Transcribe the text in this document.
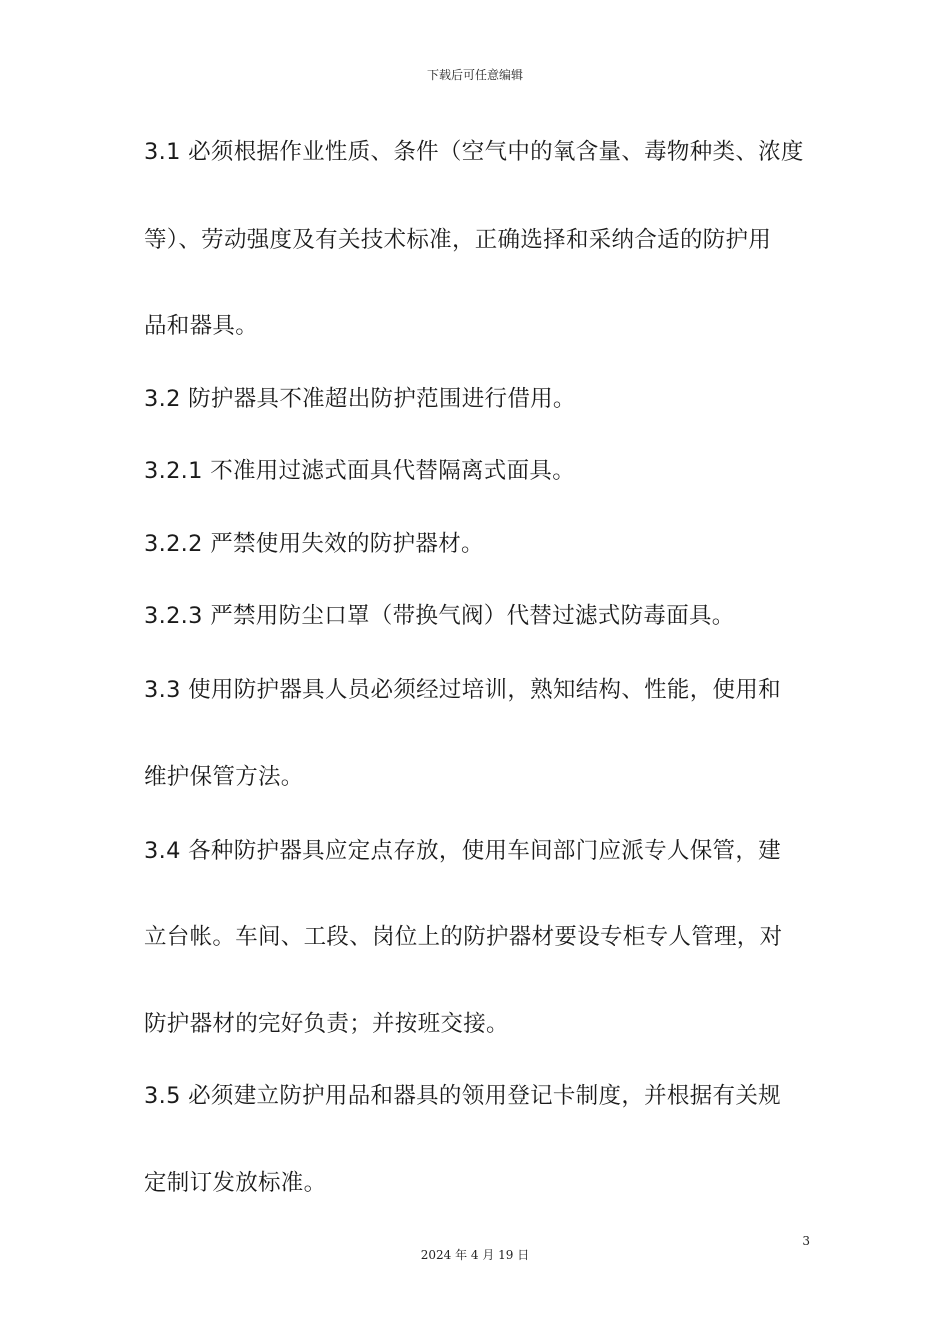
下载后可任意编辑
3.1 必须根据作业性质、条件（空气中的氧含量、毒物种类、浓度
等）、劳动强度及有关技术标准，正确选择和采纳合适的防护用
品和器具。
3.2 防护器具不准超出防护范围进行借用。
3.2.1 不准用过滤式面具代替隔离式面具。
3.2.2 严禁使用失效的防护器材。
3.2.3 严禁用防尘口罩（带换气阀）代替过滤式防毒面具。
3.3 使用防护器具人员必须经过培训，熟知结构、性能，使用和
维护保管方法。
3.4 各种防护器具应定点存放，使用车间部门应派专人保管，建
立台帐。车间、工段、岗位上的防护器材要设专柜专人管理，对
防护器材的完好负责；并按班交接。
3.5 必须建立防护用品和器具的领用登记卡制度，并根据有关规
定制订发放标准。
3
2024 年 4 月 19 日
